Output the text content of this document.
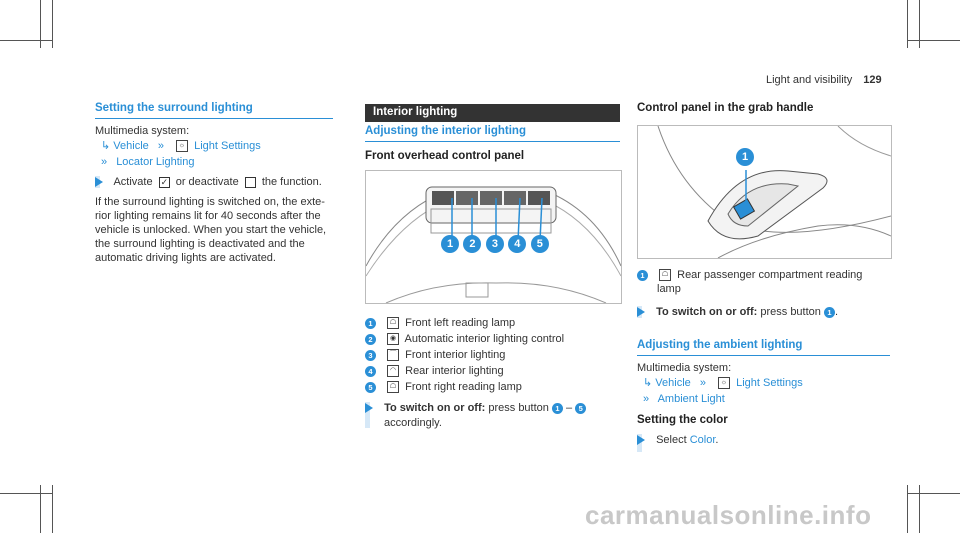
Light and visibility 129
Setting the surround lighting
Multimedia system:
↳ Vehicle » ☼ Light Settings
» Locator Lighting
Activate ✓ or deactivate the function.
If the surround lighting is switched on, the exte-
rior lighting remains lit for 40 seconds after the
vehicle is unlocked. When you start the vehicle,
the surround lighting is deactivated and the
automatic driving lights are activated.
Interior lighting
Adjusting the interior lighting
Front overhead control panel
1 2 3 4 5
1 ☖ Front left reading lamp
2 ◉ Automatic interior lighting control
3 ⌒ Front interior lighting
4 ◠ Rear interior lighting
5 ☖ Front right reading lamp
To switch on or off: press button 1 – 5
accordingly.
Control panel in the grab handle
1
1 ☖ Rear passenger compartment reading
lamp
To switch on or off: press button 1 .
Adjusting the ambient lighting
Multimedia system:
↳ Vehicle » ☼ Light Settings
» Ambient Light
Setting the color
Select Color.
carmanualsonline.info
